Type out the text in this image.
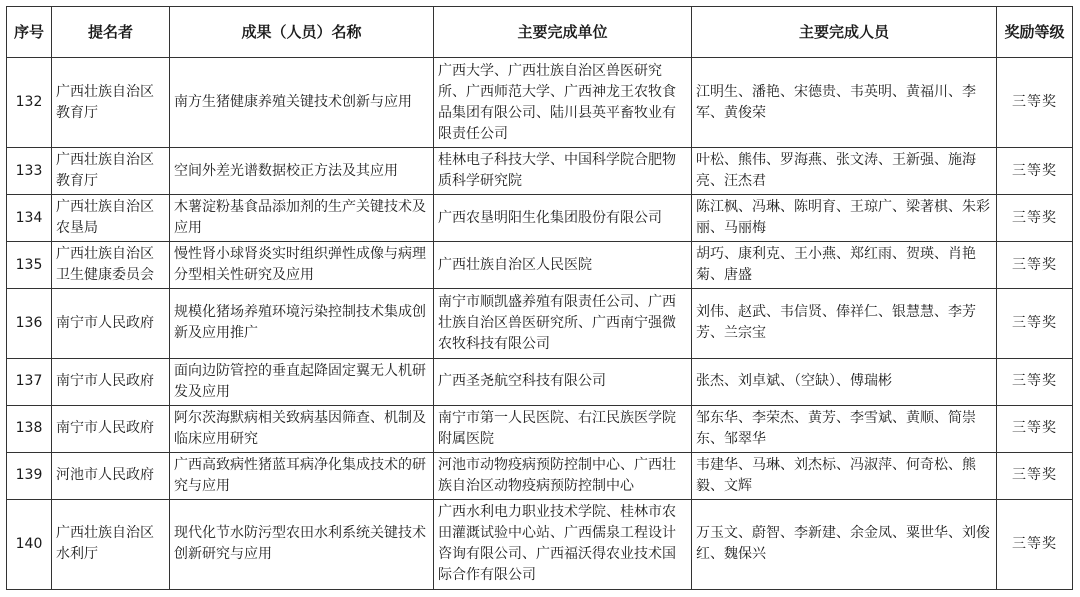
序号	提名者	成果（人员）名称	主要完成单位	主要完成人员	奖励等级
132	广西壮族自治区教育厅	南方生猪健康养殖关键技术创新与应用	广西大学、广西壮族自治区兽医研究所、广西师范大学、广西神龙王农牧食品集团有限公司、陆川县英平畜牧业有限责任公司	江明生、潘艳、宋德贵、韦英明、黄福川、李军、黄俊荣	三等奖
133	广西壮族自治区教育厅	空间外差光谱数据校正方法及其应用	桂林电子科技大学、中国科学院合肥物质科学研究院	叶松、熊伟、罗海燕、张文涛、王新强、施海亮、汪杰君	三等奖
134	广西壮族自治区农垦局	木薯淀粉基食品添加剂的生产关键技术及应用	广西农垦明阳生化集团股份有限公司	陈江枫、冯琳、陈明育、王琼广、梁著棋、朱彩丽、马丽梅	三等奖
135	广西壮族自治区卫生健康委员会	慢性肾小球肾炎实时组织弹性成像与病理分型相关性研究及应用	广西壮族自治区人民医院	胡巧、康利克、王小燕、郑红雨、贺瑛、肖艳菊、唐盛	三等奖
136	南宁市人民政府	规模化猪场养殖环境污染控制技术集成创新及应用推广	南宁市顺凯盛养殖有限责任公司、广西壮族自治区兽医研究所、广西南宁强微农牧科技有限公司	刘伟、赵武、韦信贤、俸祥仁、银慧慧、李芳芳、兰宗宝	三等奖
137	南宁市人民政府	面向边防管控的垂直起降固定翼无人机研发及应用	广西圣尧航空科技有限公司	张杰、刘卓斌、（空缺）、傅瑞彬	三等奖
138	南宁市人民政府	阿尔茨海默病相关致病基因筛查、机制及临床应用研究	南宁市第一人民医院、右江民族医学院附属医院	邹东华、李荣杰、黄芳、李雪斌、黄顺、简崇东、邹翠华	三等奖
139	河池市人民政府	广西高致病性猪蓝耳病净化集成技术的研究与应用	河池市动物疫病预防控制中心、广西壮族自治区动物疫病预防控制中心	韦建华、马琳、刘杰标、冯淑萍、何奇松、熊毅、文辉	三等奖
140	广西壮族自治区水利厅	现代化节水防污型农田水利系统关键技术创新研究与应用	广西水利电力职业技术学院、桂林市农田灌溉试验中心站、广西儒泉工程设计咨询有限公司、广西福沃得农业技术国际合作有限公司	万玉文、蔚智、李新建、余金凤、粟世华、刘俊红、魏保兴	三等奖
